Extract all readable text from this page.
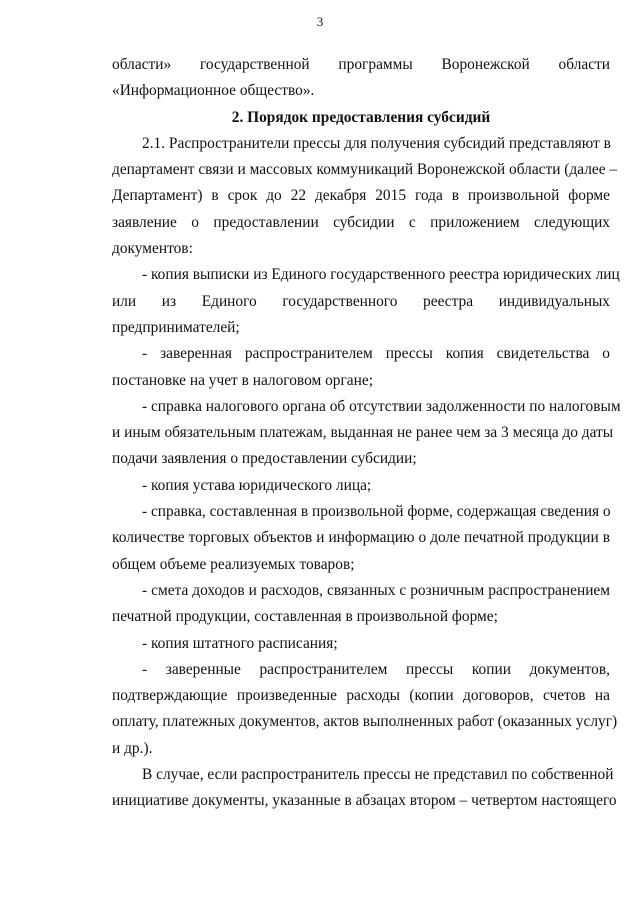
3
области» государственной программы Воронежской области
«Информационное общество».
2. Порядок предоставления субсидий
2.1. Распространители прессы для получения субсидий представляют в
департамент связи и массовых коммуникаций Воронежской области (далее –
Департамент) в срок до 22 декабря 2015 года в произвольной форме
заявление о предоставлении субсидии с приложением следующих
документов:
- копия выписки из Единого государственного реестра юридических лиц
или из Единого государственного реестра индивидуальных
предпринимателей;
- заверенная распространителем прессы копия свидетельства о
постановке на учет в налоговом органе;
- справка налогового органа об отсутствии задолженности по налоговым
и иным обязательным платежам, выданная не ранее чем за 3 месяца до даты
подачи заявления о предоставлении субсидии;
- копия устава юридического лица;
- справка, составленная в произвольной форме, содержащая сведения о
количестве торговых объектов и информацию о доле печатной продукции в
общем объеме реализуемых товаров;
- смета доходов и расходов, связанных с розничным распространением
печатной продукции, составленная в произвольной форме;
- копия штатного расписания;
- заверенные распространителем прессы копии документов,
подтверждающие произведенные расходы (копии договоров, счетов на
оплату, платежных документов, актов выполненных работ (оказанных услуг)
и др.).
В случае, если распространитель прессы не представил по собственной
инициативе документы, указанные в абзацах втором – четвертом настоящего
